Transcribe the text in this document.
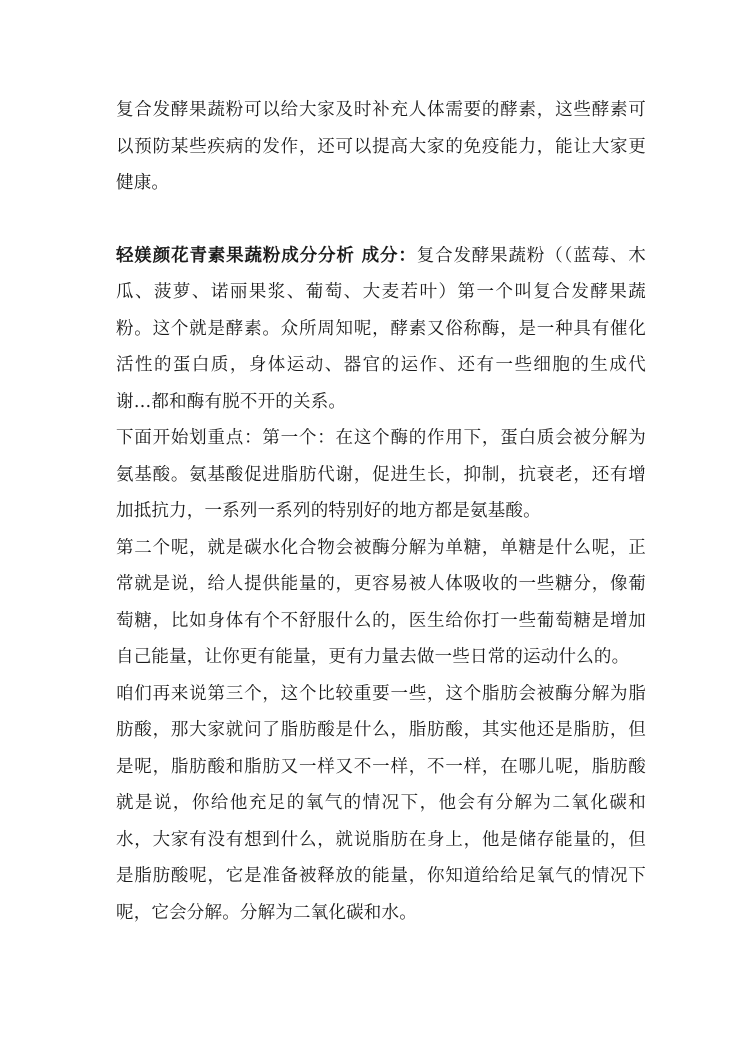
复合发酵果蔬粉可以给大家及时补充人体需要的酵素，这些酵素可以预防某些疾病的发作，还可以提高大家的免疫能力，能让大家更健康。

轻媄颜花青素果蔬粉成分分析 成分：复合发酵果蔬粉（（蓝莓、木瓜、菠萝、诺丽果浆、葡萄、大麦若叶）第一个叫复合发酵果蔬粉。这个就是酵素。众所周知呢，酵素又俗称酶，是一种具有催化活性的蛋白质，身体运动、器官的运作、还有一些细胞的生成代谢…都和酶有脱不开的关系。

下面开始划重点：第一个：在这个酶的作用下，蛋白质会被分解为氨基酸。氨基酸促进脂肪代谢，促进生长，抑制，抗衰老，还有增加抵抗力，一系列一系列的特别好的地方都是氨基酸。

第二个呢，就是碳水化合物会被酶分解为单糖，单糖是什么呢，正常就是说，给人提供能量的，更容易被人体吸收的一些糖分，像葡萄糖，比如身体有个不舒服什么的，医生给你打一些葡萄糖是增加自己能量，让你更有能量，更有力量去做一些日常的运动什么的。

咱们再来说第三个，这个比较重要一些，这个脂肪会被酶分解为脂肪酸，那大家就问了脂肪酸是什么，脂肪酸，其实他还是脂肪，但是呢，脂肪酸和脂肪又一样又不一样，不一样，在哪儿呢，脂肪酸就是说，你给他充足的氧气的情况下，他会有分解为二氧化碳和水，大家有没有想到什么，就说脂肪在身上，他是储存能量的，但是脂肪酸呢，它是准备被释放的能量，你知道给给足氧气的情况下呢，它会分解。分解为二氧化碳和水。
